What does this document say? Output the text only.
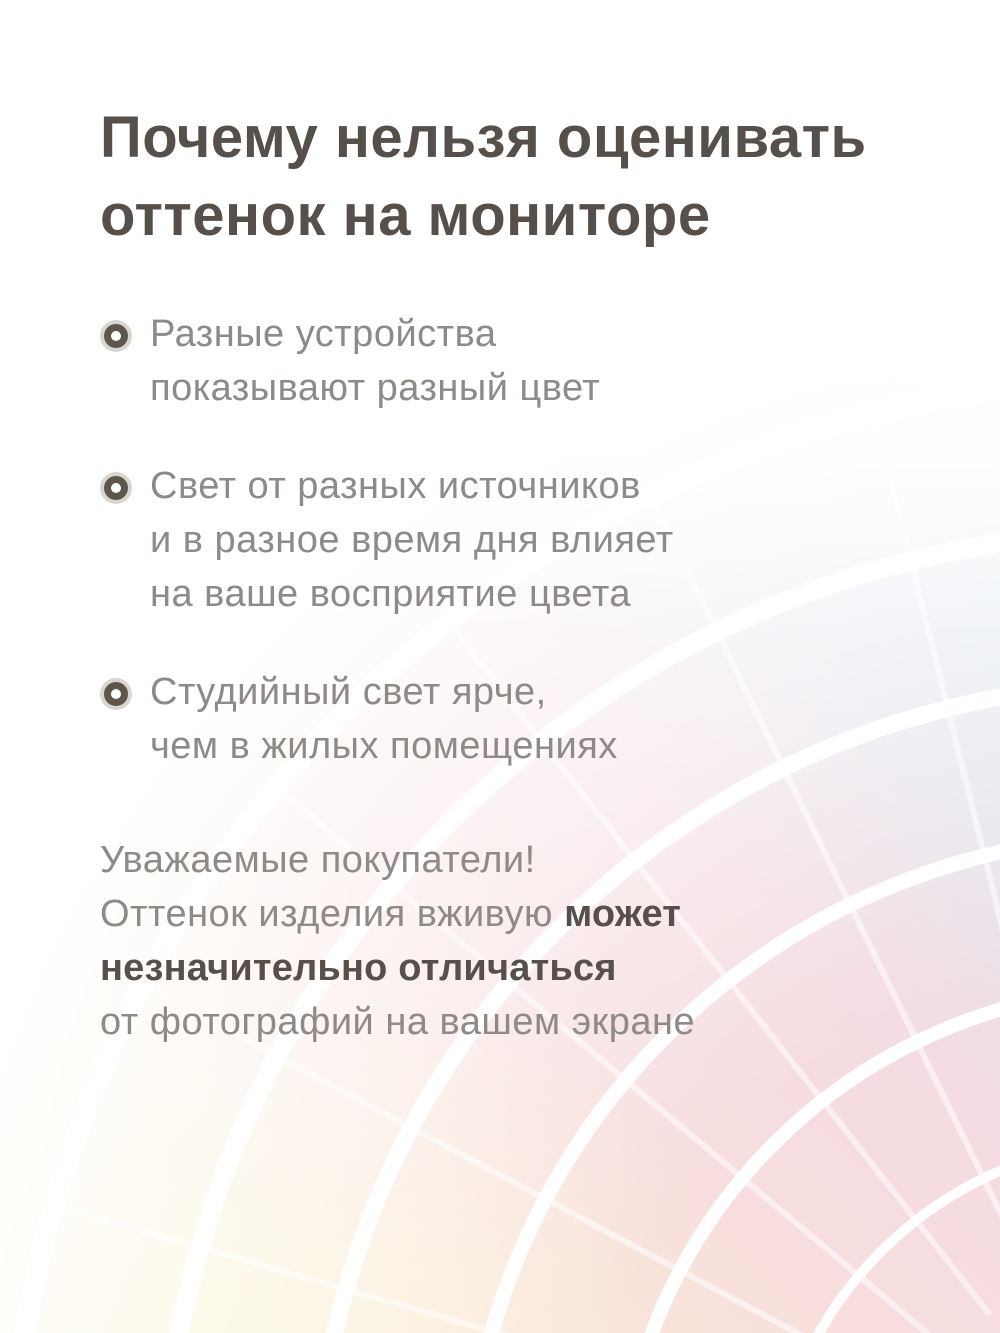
Почему нельзя оценивать
оттенок на мониторе
Разные устройства
показывают разный цвет
Свет от разных источников
и в разное время дня влияет
на ваше восприятие цвета
Студийный свет ярче,
чем в жилых помещениях
Уважаемые покупатели!
Оттенок изделия вживую может
незначительно отличаться
от фотографий на вашем экране
